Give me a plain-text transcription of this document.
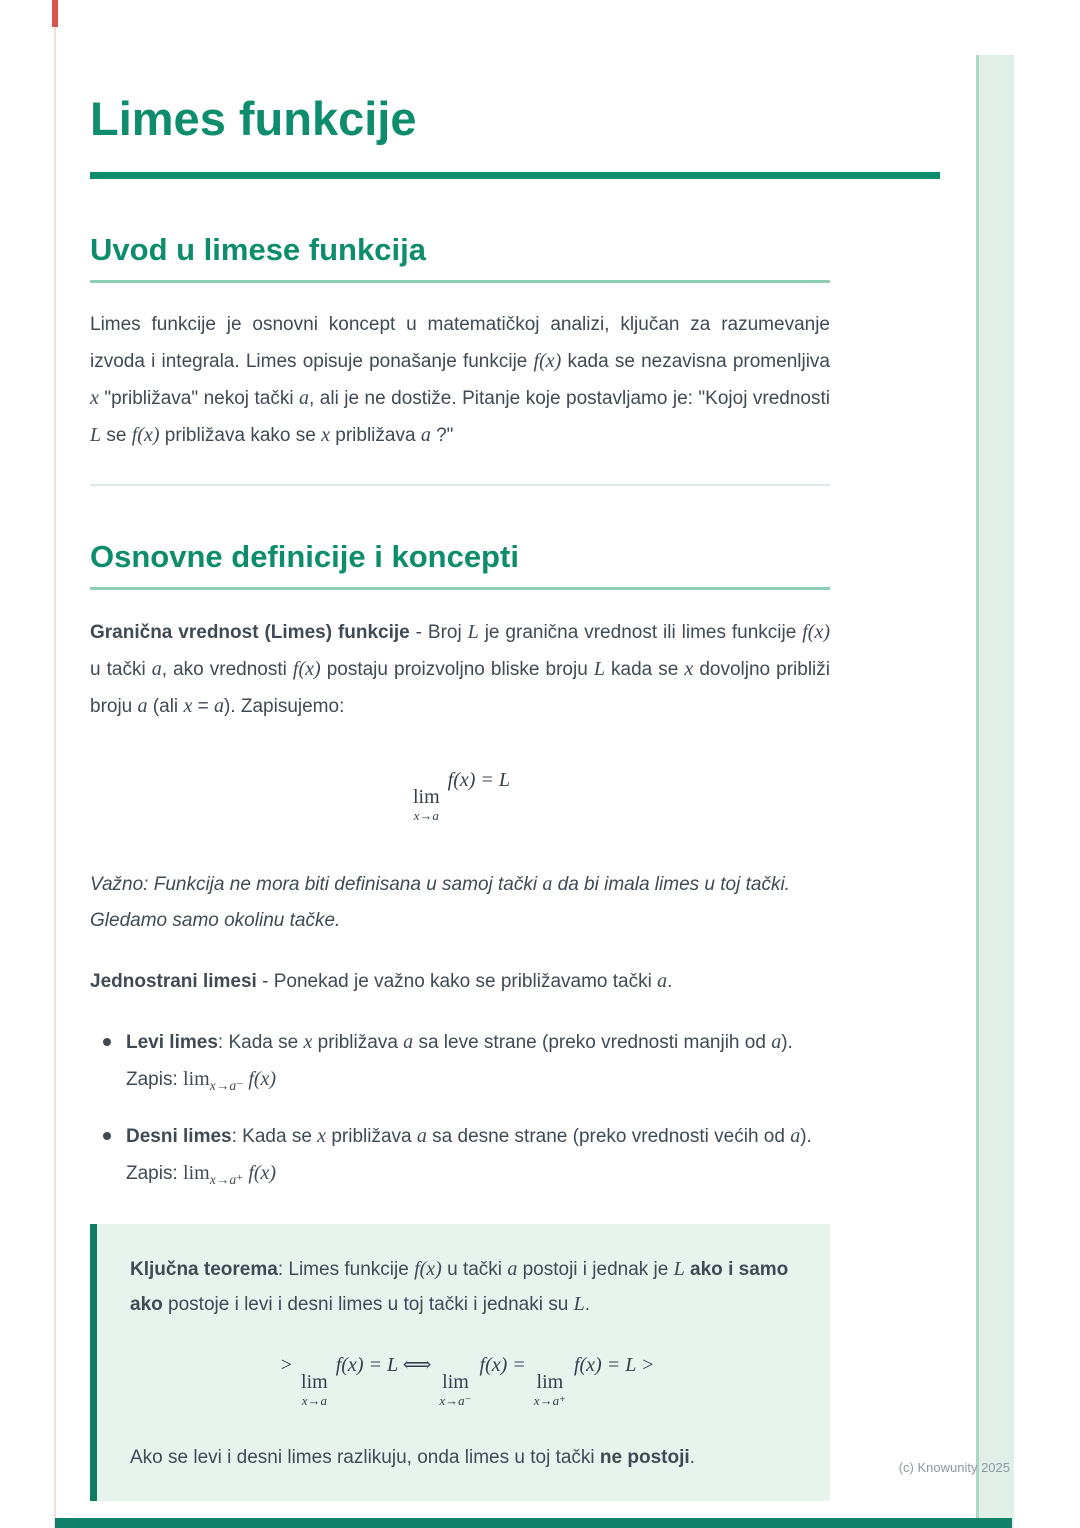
Limes funkcije
Uvod u limese funkcija

Limes funkcije je osnovni koncept u matematičkoj analizi, ključan za razumevanje izvoda i integrala. Limes opisuje ponašanje funkcije f(x) kada se nezavisna promenljiva x "približava" nekoj tački a, ali je ne dostiže. Pitanje koje postavljamo je: "Kojoj vrednosti L se f(x) približava kako se x približava a ?"

Osnovne definicije i koncepti

Granična vrednost (Limes) funkcije - Broj L je granična vrednost ili limes funkcije f(x) u tački a, ako vrednosti f(x) postaju proizvoljno bliske broju L kada se x dovoljno približi broju a (ali x = a). Zapisujemo:

lim
x→a
f(x) = L

Važno: Funkcija ne mora biti definisana u samoj tački a da bi imala limes u toj tački. Gledamo samo okolinu tačke.

Jednostrani limesi - Ponekad je važno kako se približavamo tački a.

Levi limes: Kada se x približava a sa leve strane (preko vrednosti manjih od a). Zapis: $\lim_{x\to a^-} f(x)$
Desni limes: Kada se x približava a sa desne strane (preko vrednosti većih od a). Zapis: $\lim_{x\to a^+} f(x)$

Ključna teorema: Limes funkcije f(x) u tački a postoji i jednak je L ako i samo ako postoje i levi i desni limes u toj tački i jednaki su L.

>
lim
x→a
f(x) = L ⟺
lim
x→a⁻
f(x) =
lim
x→a⁺
f(x) = L >

Ako se levi i desni limes razlikuju, onda limes u toj tački ne postoji.	(c) Knowunity 2025
